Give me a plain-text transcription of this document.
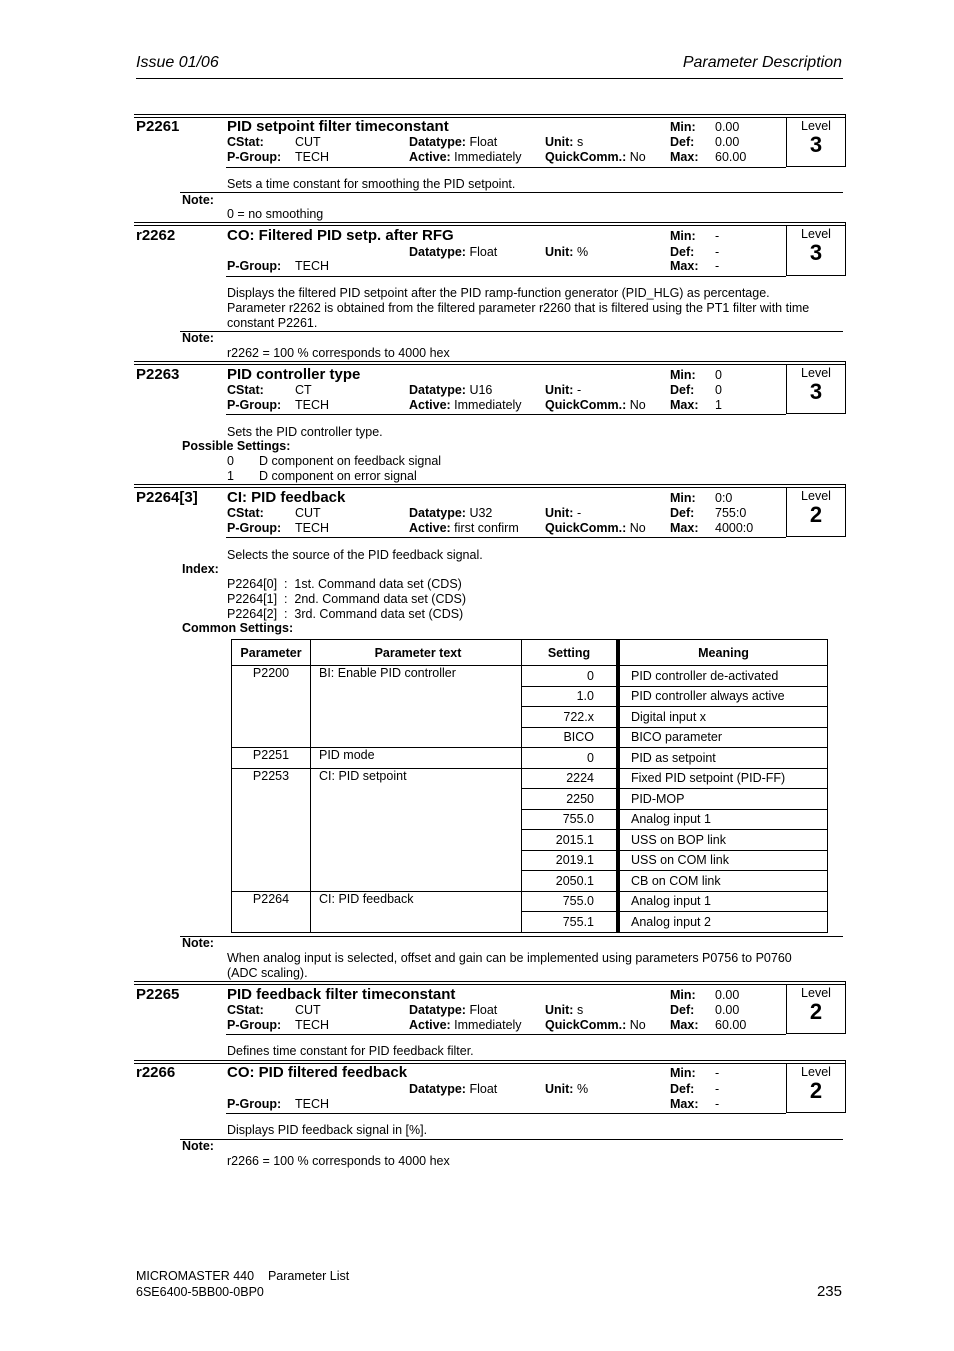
Issue 01/06	Parameter Description
P2261	PID setpoint filter timeconstant
CStat: CUT
P-Group: TECH
Datatype: Float
Active: Immediately
Unit: s
QuickComm.: No
Min: 0.00
Def: 0.00
Max: 60.00
Level
3
Sets a time constant for smoothing the PID setpoint.
Note:
0 = no smoothing
r2262	CO: Filtered PID setp. after RFG
P-Group: TECH
Datatype: Float	Unit: %
Min: -
Def: -
Max: -
Level
3
Displays the filtered PID setpoint after the PID ramp-function generator (PID_HLG) as percentage.
Parameter r2262 is obtained from the filtered parameter r2260 that is filtered using the PT1 filter with time
constant P2261.
Note:
r2262 = 100 % corresponds to 4000 hex
P2263	PID controller type
CStat: CT
P-Group: TECH
Datatype: U16
Active: Immediately
Unit: -
QuickComm.: No
Min: 0
Def: 0
Max: 1
Level
3
Sets the PID controller type.
Possible Settings:
0 D component on feedback signal
1 D component on error signal
P2264[3] CI: PID feedback
CStat: CUT
P-Group: TECH
Datatype: U32
Active: first confirm
Unit: -
QuickComm.: No
Min: 0:0
Def: 755:0
Max: 4000:0
Level
2
Selects the source of the PID feedback signal.
Index:
P2264[0]  :  1st. Command data set (CDS)
P2264[1]  :  2nd. Command data set (CDS)
P2264[2]  :  3rd. Command data set (CDS)
Common Settings:
Parameter	Parameter text	Setting	Meaning
P2200	BI: Enable PID controller	0	PID controller de-activated
		1.0	PID controller always active
		722.x	Digital input x
		BICO	BICO parameter
P2251	PID mode	0	PID as setpoint
P2253	CI: PID setpoint	2224	Fixed PID setpoint (PID-FF)
		2250	PID-MOP
		755.0	Analog input 1
		2015.1	USS on BOP link
		2019.1	USS on COM link
		2050.1	CB on COM link
P2264	CI: PID feedback	755.0	Analog input 1
		755.1	Analog input 2
Note:
When analog input is selected, offset and gain can be implemented using parameters P0756 to P0760
(ADC scaling).
P2265	PID feedback filter timeconstant
CStat: CUT
P-Group: TECH
Datatype: Float
Active: Immediately
Unit: s
QuickComm.: No
Min: 0.00
Def: 0.00
Max: 60.00
Level
2
Defines time constant for PID feedback filter.
r2266	CO: PID filtered feedback
P-Group: TECH
Datatype: Float	Unit: %
Min: -
Def: -
Max: -
Level
2
Displays PID feedback signal in [%].
Note:
r2266 = 100 % corresponds to 4000 hex
MICROMASTER 440    Parameter List
6SE6400-5BB00-0BP0	235
